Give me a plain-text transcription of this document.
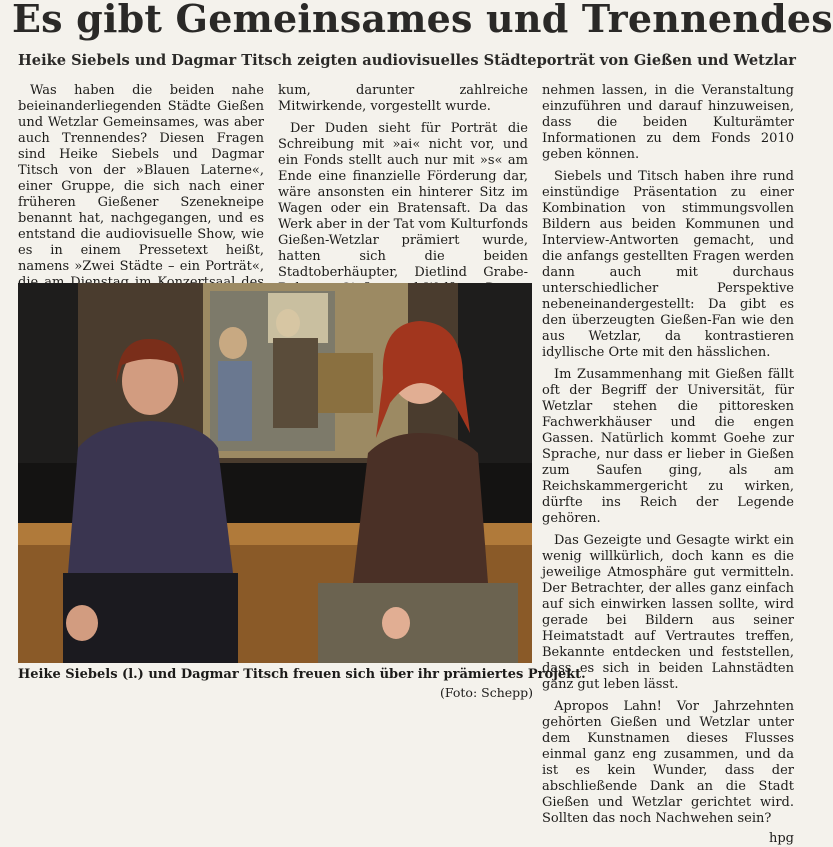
Es gibt Gemeinsames und Trennendes
Heike Siebels und Dagmar Titsch zeigten audiovisuelles Städteporträt von Gießen und Wetzlar

Was haben die beiden nahe beieinanderliegenden Städte Gießen und Wetzlar Gemeinsames, was aber auch Trennendes? Diesen Fragen sind Heike Siebels und Dagmar Titsch von der »Blauen Laterne«, einer Gruppe, die sich nach einer früheren Gießener Szenekneipe benannt hat, nachgegangen, und es entstand die audiovisuelle Show, wie es in einem Pressetext heißt, namens »Zwei Städte – ein Porträt«,

kum, darunter zahlreiche Mitwirkende, vorgestellt wurde.

Der Duden sieht für Porträt die Schreibung mit »ai« nicht vor, und ein Fonds stellt auch nur mit »s« am Ende eine finanzielle Förderung dar, wäre ansonsten ein hinterer Sitz im Wagen oder ein Bratensaft. Da das Werk aber in der Tat vom Kulturfonds Gießen-Wetzlar prämiert wurde, hatten sich die beiden Stadtoberhäupter, Dietlind Grabe-

nehmen lassen, in die Veranstaltung einzuführen und darauf hinzuweisen, dass die beiden Kulturämter Informationen zu dem Fonds 2010 geben können.

Siebels und Titsch haben ihre rund einstündige Präsentation zu einer Kombination von stimmungsvollen Bildern aus beiden Kommunen und Interview-Antworten gemacht, und die anfangs gestellten Fragen werden dann auch mit durchaus unterschiedlicher Perspektive nebeneinandergestellt: Da gibt es den überzeugten Gießen-Fan wie den aus Wetzlar, da kontrastieren idyllische Orte mit den hässlichen.

Im Zusammenhang mit Gießen fällt oft der Begriff der Universität, für Wetzlar stehen die pittoresken Fachwerkhäuser und die engen Gassen. Natürlich kommt Goehe zur Sprache, nur dass er lieber in Gießen zum Saufen ging, als am Reichskammergericht zu wirken, dürfte ins Reich der Legende gehören.

Das Gezeigte und Gesagte wirkt ein wenig willkürlich, doch kann es die jeweilige Atmosphäre gut vermitteln. Der Betrachter, der alles ganz einfach auf sich einwirken lassen sollte, wird gerade bei Bildern aus seiner Heimatstadt auf Vertrautes treffen, Bekannte entdecken und feststellen, dass es sich in beiden Lahnstädten ganz gut leben lässt.

Apropos Lahn! Vor Jahrzehnten gehörten Gießen und Wetzlar unter dem Kunstnamen dieses Flusses einmal ganz eng zusammen, und da ist es kein Wunder, dass der abschließende Dank an die Stadt Gießen und Wetzlar gerichtet wird. Sollten das noch Nachwehen sein?

hpg
Heike Siebels (l.) und Dagmar Titsch freuen sich über ihr prämiertes Projekt.
(Foto: Schepp)
